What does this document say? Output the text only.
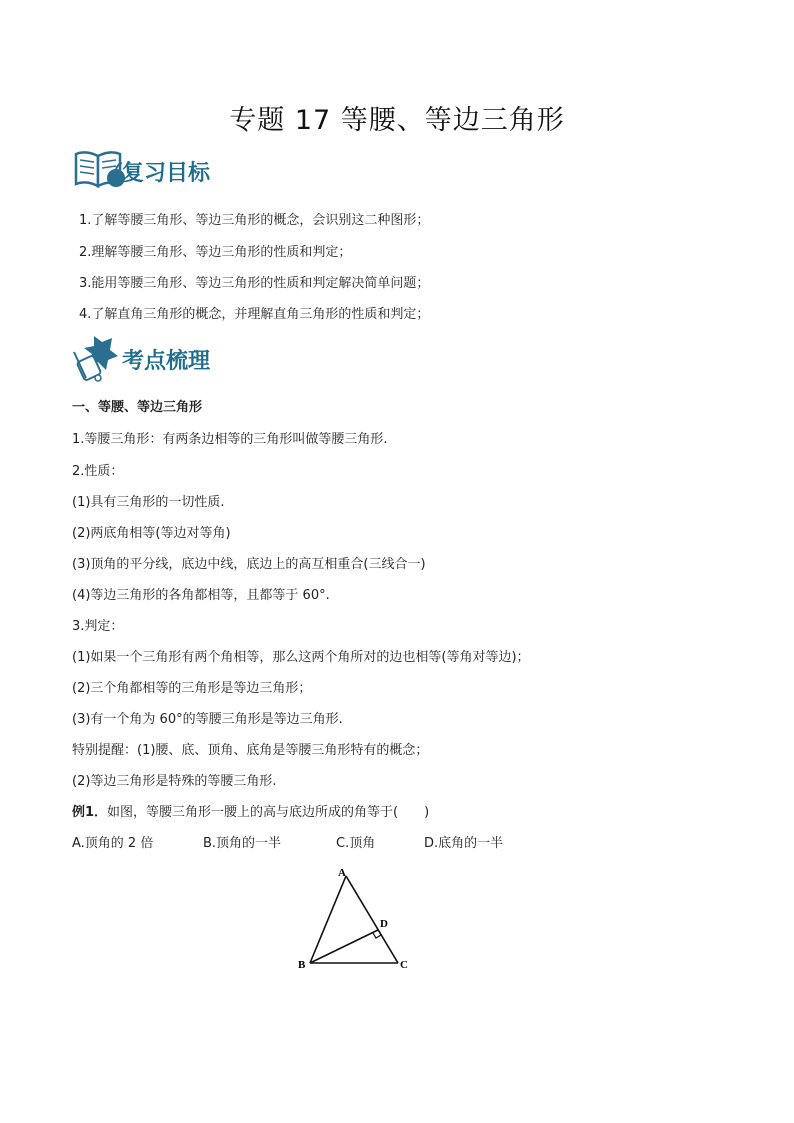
专题 17 等腰、等边三角形
复习目标
1.了解等腰三角形、等边三角形的概念，会识别这二种图形；
2.理解等腰三角形、等边三角形的性质和判定；
3.能用等腰三角形、等边三角形的性质和判定解决简单问题；
4.了解直角三角形的概念，并理解直角三角形的性质和判定；
考点梳理
一、等腰、等边三角形
1.等腰三角形：有两条边相等的三角形叫做等腰三角形.
2.性质：
(1)具有三角形的一切性质.
(2)两底角相等(等边对等角)
(3)顶角的平分线，底边中线，底边上的高互相重合(三线合一)
(4)等边三角形的各角都相等，且都等于 60°.
3.判定：
(1)如果一个三角形有两个角相等，那么这两个角所对的边也相等(等角对等边)；
(2)三个角都相等的三角形是等边三角形；
(3)有一个角为 60°的等腰三角形是等边三角形.
特别提醒：(1)腰、底、顶角、底角是等腰三角形特有的概念；
(2)等边三角形是特殊的等腰三角形.
例1．如图，等腰三角形一腰上的高与底边所成的角等于(　　)
A.顶角的 2 倍	B.顶角的一半	C.顶角	D.底角的一半
A
B	C
D
